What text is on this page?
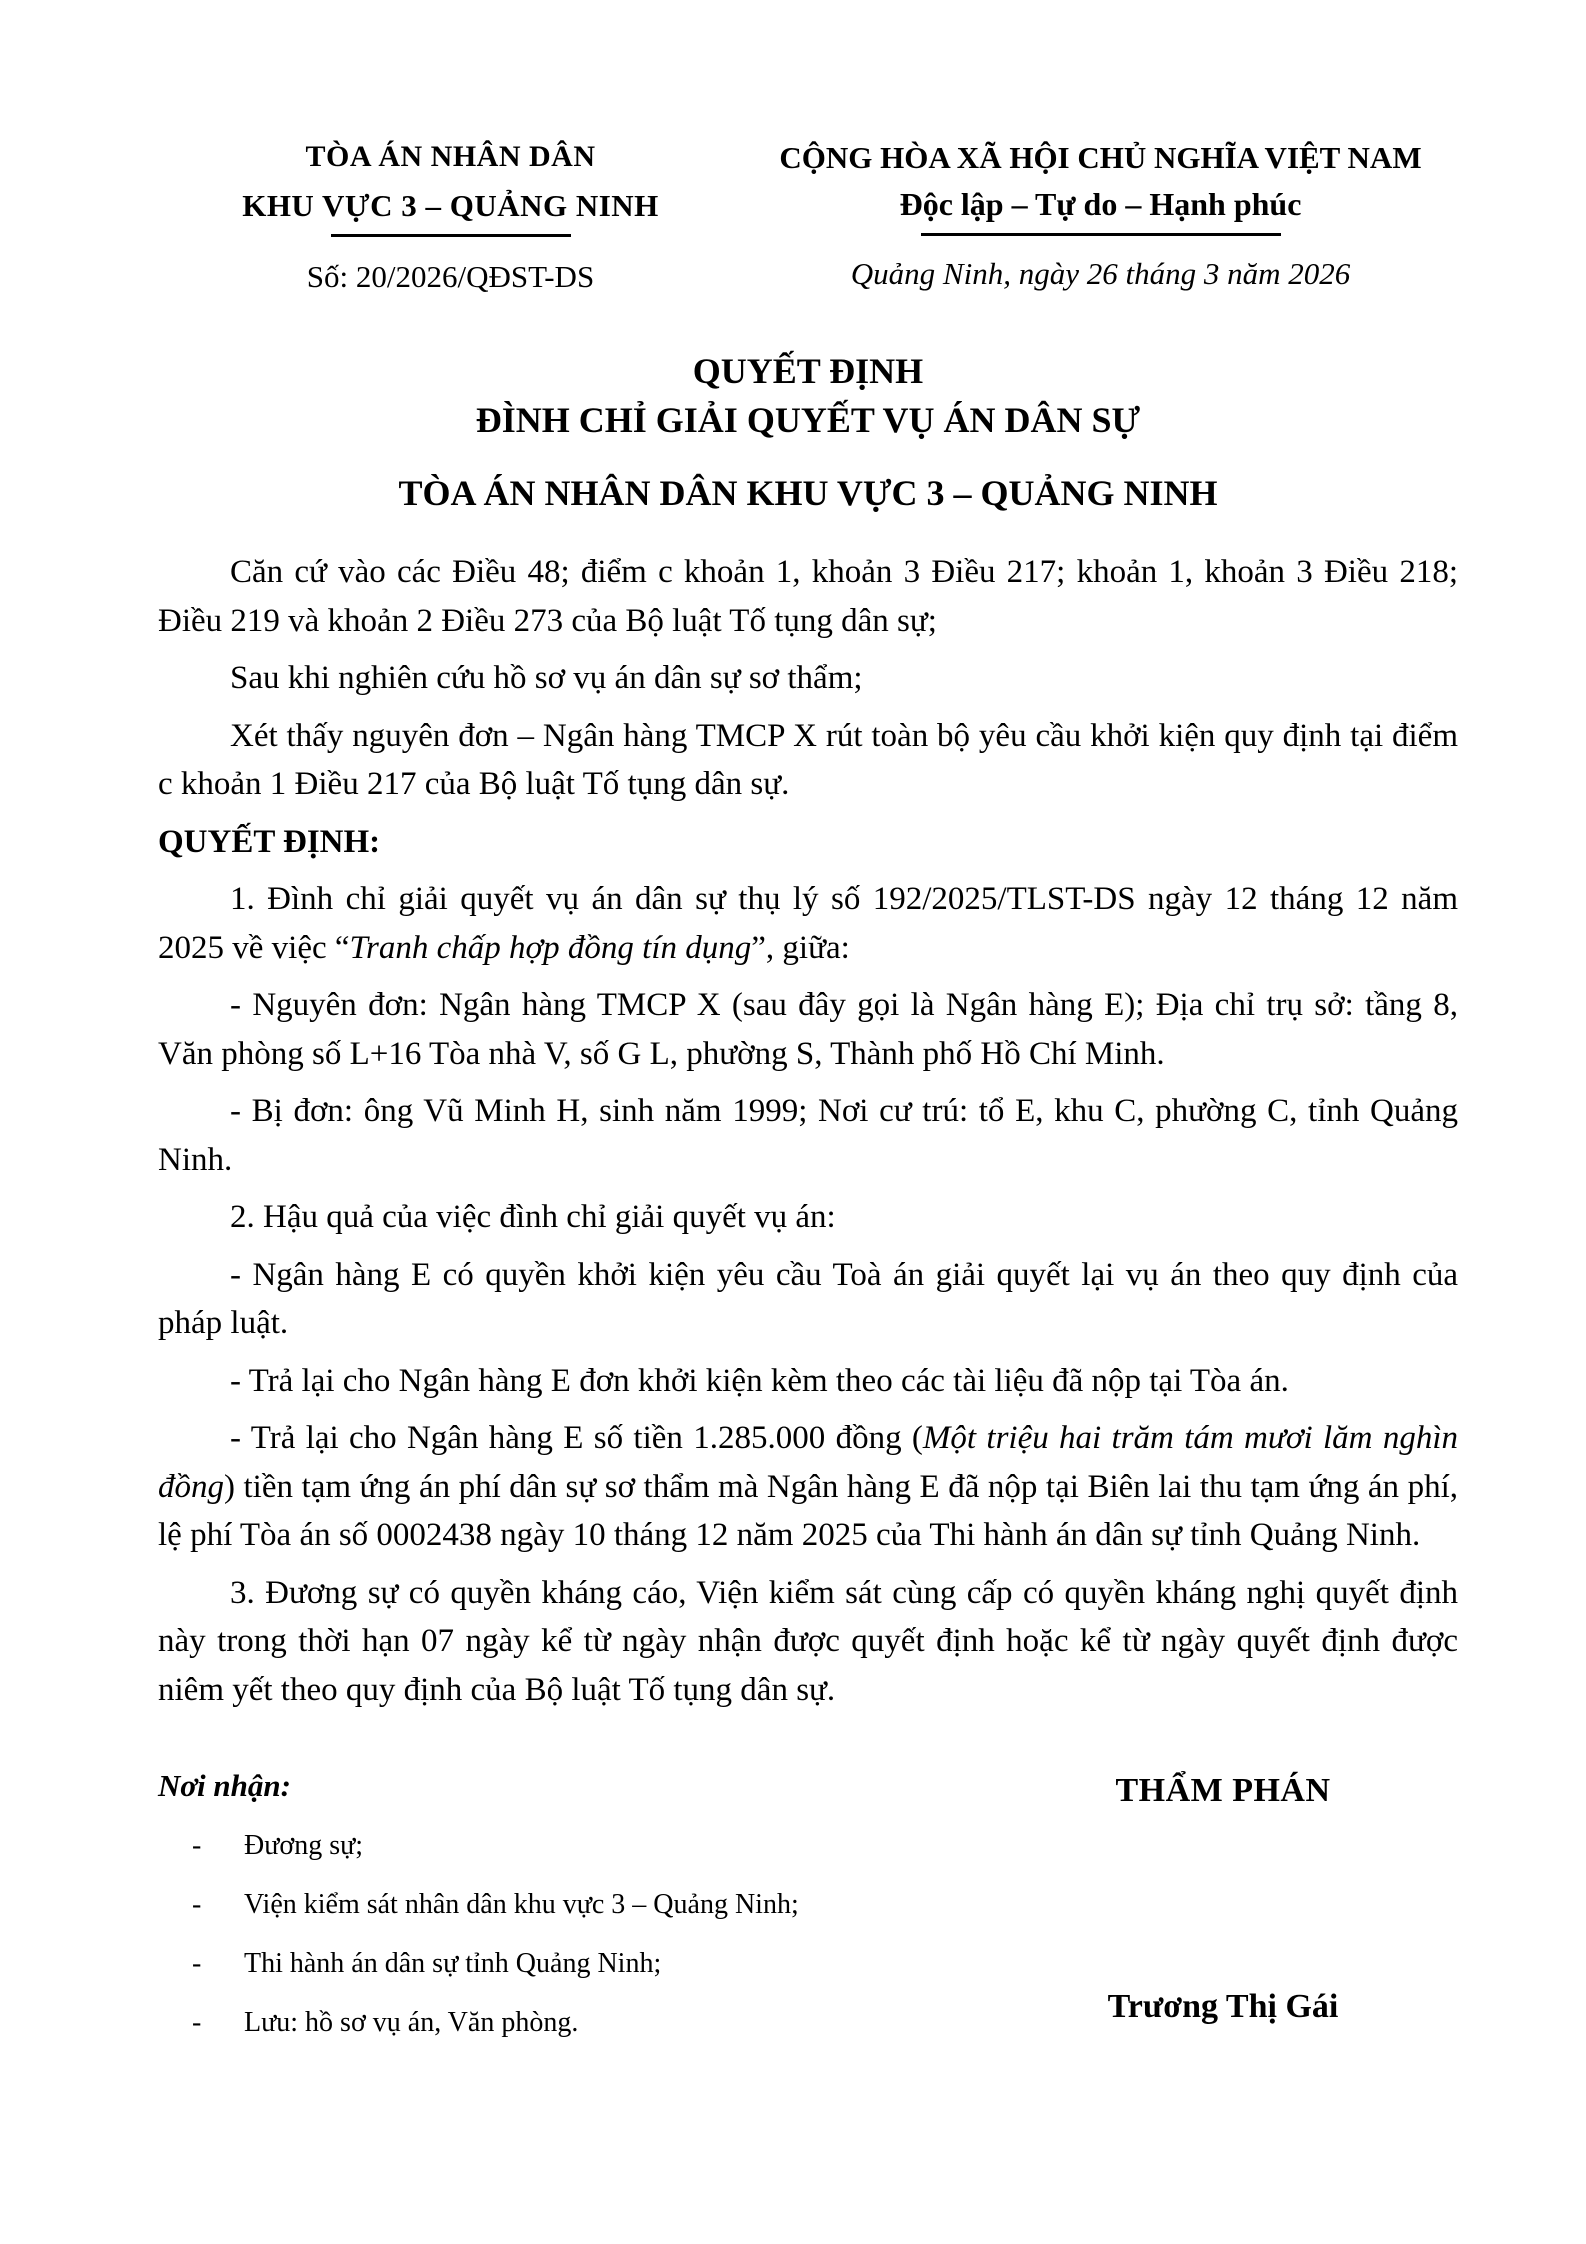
TÒA ÁN NHÂN DÂN
KHU VỰC 3 – QUẢNG NINH
Số: 20/2026/QĐST-DS
CỘNG HÒA XÃ HỘI CHỦ NGHĨA VIỆT NAM
Độc lập – Tự do – Hạnh phúc
Quảng Ninh, ngày 26 tháng 3 năm 2026
QUYẾT ĐỊNH
ĐÌNH CHỈ GIẢI QUYẾT VỤ ÁN DÂN SỰ
TÒA ÁN NHÂN DÂN KHU VỰC 3 – QUẢNG NINH

Căn cứ vào các Điều 48; điểm c khoản 1, khoản 3 Điều 217; khoản 1, khoản 3 Điều 218; Điều 219 và khoản 2 Điều 273 của Bộ luật Tố tụng dân sự;

Sau khi nghiên cứu hồ sơ vụ án dân sự sơ thẩm;

Xét thấy nguyên đơn – Ngân hàng TMCP X rút toàn bộ yêu cầu khởi kiện quy định tại điểm c khoản 1 Điều 217 của Bộ luật Tố tụng dân sự.

QUYẾT ĐỊNH:

1. Đình chỉ giải quyết vụ án dân sự thụ lý số 192/2025/TLST-DS ngày 12 tháng 12 năm 2025 về việc “Tranh chấp hợp đồng tín dụng”, giữa:

- Nguyên đơn: Ngân hàng TMCP X (sau đây gọi là Ngân hàng E); Địa chỉ trụ sở: tầng 8, Văn phòng số L+16 Tòa nhà V, số G L, phường S, Thành phố Hồ Chí Minh.

- Bị đơn: ông Vũ Minh H, sinh năm 1999; Nơi cư trú: tổ E, khu C, phường C, tỉnh Quảng Ninh.

2. Hậu quả của việc đình chỉ giải quyết vụ án:

- Ngân hàng E có quyền khởi kiện yêu cầu Toà án giải quyết lại vụ án theo quy định của pháp luật.

- Trả lại cho Ngân hàng E đơn khởi kiện kèm theo các tài liệu đã nộp tại Tòa án.

- Trả lại cho Ngân hàng E số tiền 1.285.000 đồng (Một triệu hai trăm tám mươi lăm nghìn đồng) tiền tạm ứng án phí dân sự sơ thẩm mà Ngân hàng E đã nộp tại Biên lai thu tạm ứng án phí, lệ phí Tòa án số 0002438 ngày 10 tháng 12 năm 2025 của Thi hành án dân sự tỉnh Quảng Ninh.

3. Đương sự có quyền kháng cáo, Viện kiểm sát cùng cấp có quyền kháng nghị quyết định này trong thời hạn 07 ngày kể từ ngày nhận được quyết định hoặc kể từ ngày quyết định được niêm yết theo quy định của Bộ luật Tố tụng dân sự.

Nơi nhận:
-	Đương sự;
-	Viện kiểm sát nhân dân khu vực 3 – Quảng Ninh;
-	Thi hành án dân sự tỉnh Quảng Ninh;
-	Lưu: hồ sơ vụ án, Văn phòng.
THẨM PHÁN
Trương Thị Gái
